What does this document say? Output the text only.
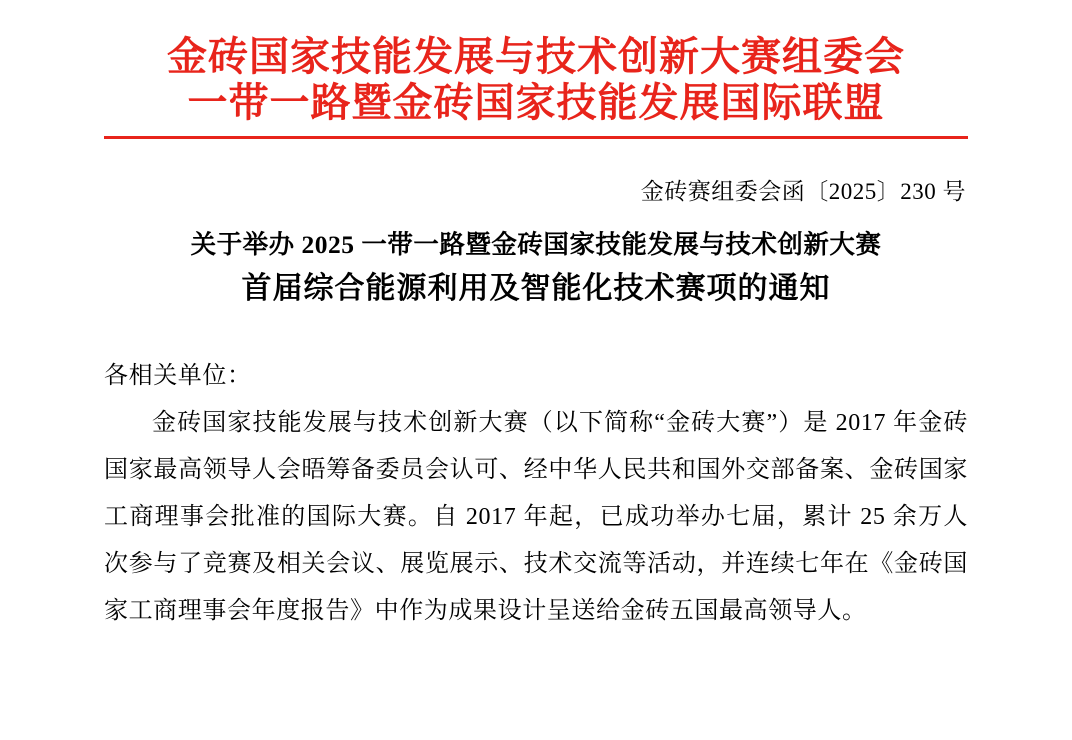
金砖国家技能发展与技术创新大赛组委会
一带一路暨金砖国家技能发展国际联盟
金砖赛组委会函〔2025〕230 号
关于举办 2025 一带一路暨金砖国家技能发展与技术创新大赛
首届综合能源利用及智能化技术赛项的通知
各相关单位：
金砖国家技能发展与技术创新大赛（以下简称“金砖大赛”）是 2017 年金砖国家最高领导人会晤筹备委员会认可、经中华人民共和国外交部备案、金砖国家工商理事会批准的国际大赛。自 2017 年起，已成功举办七届，累计 25 余万人次参与了竞赛及相关会议、展览展示、技术交流等活动，并连续七年在《金砖国家工商理事会年度报告》中作为成果设计呈送给金砖五国最高领导人。
